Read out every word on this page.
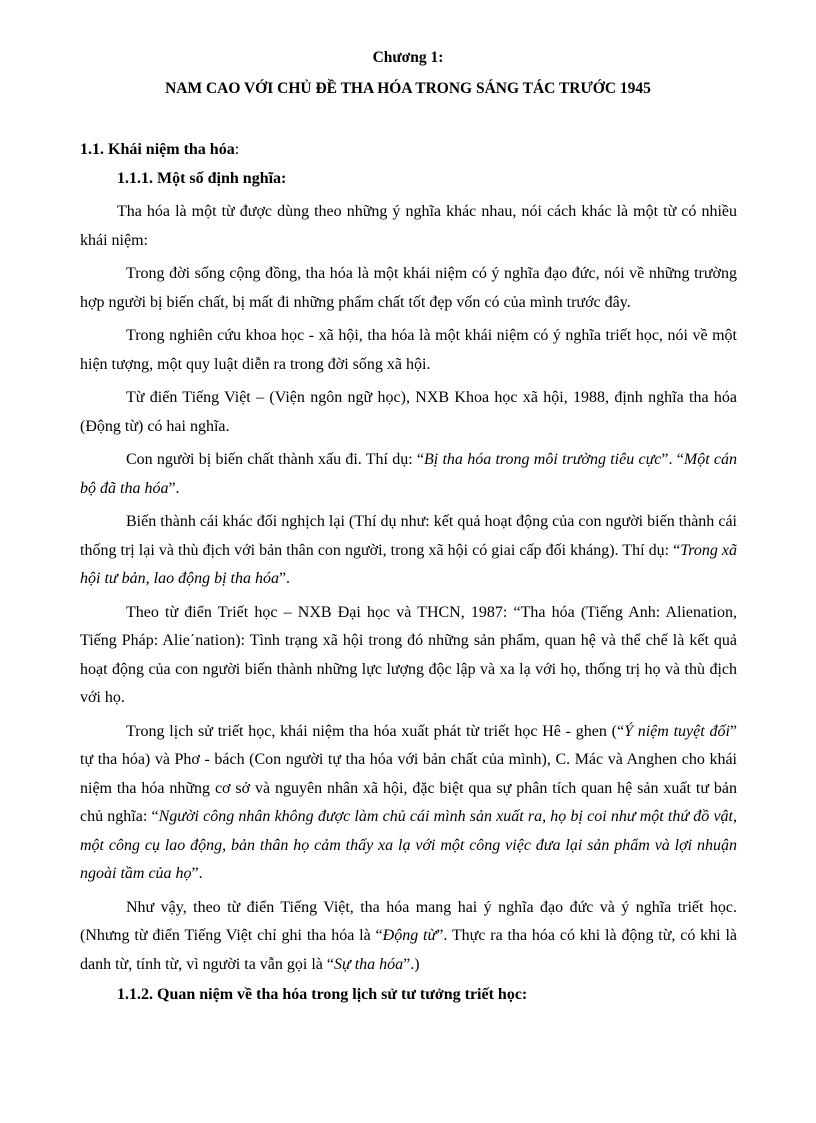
Chương 1:
NAM CAO VỚI CHỦ ĐỀ THA HÓA TRONG SÁNG TÁC TRƯỚC 1945
1.1. Khái niệm tha hóa:
1.1.1. Một số định nghĩa:

Tha hóa là một từ được dùng theo những ý nghĩa khác nhau, nói cách khác là một từ có nhiều khái niệm:

Trong đời sống cộng đồng, tha hóa là một khái niệm có ý nghĩa đạo đức, nói về những trường hợp người bị biến chất, bị mất đi những phẩm chất tốt đẹp vốn có của mình trước đây.

Trong nghiên cứu khoa học - xã hội, tha hóa là một khái niệm có ý nghĩa triết học, nói về một hiện tượng, một quy luật diễn ra trong đời sống xã hội.

Từ điển Tiếng Việt – (Viện ngôn ngữ học), NXB Khoa học xã hội, 1988, định nghĩa tha hóa (Động từ) có hai nghĩa.

Con người bị biến chất thành xấu đi. Thí dụ: “Bị tha hóa trong môi trường tiêu cực”. “Một cán bộ đã tha hóa”.

Biến thành cái khác đối nghịch lại (Thí dụ như: kết quả hoạt động của con người biến thành cái thống trị lại và thù địch với bản thân con người, trong xã hội có giai cấp đối kháng). Thí dụ: “Trong xã hội tư bản, lao động bị tha hóa”.

Theo từ điển Triết học – NXB Đại học và THCN, 1987: “Tha hóa (Tiếng Anh: Alienation, Tiếng Pháp: Alie΄nation): Tình trạng xã hội trong đó những sản phẩm, quan hệ và thể chế là kết quả hoạt động của con người biến thành những lực lượng độc lập và xa lạ với họ, thống trị họ và thù địch với họ.

Trong lịch sử triết học, khái niệm tha hóa xuất phát từ triết học Hê - ghen (“Ý niệm tuyệt đối” tự tha hóa) và Phơ - bách (Con người tự tha hóa với bản chất của mình), C. Mác và Anghen cho khái niệm tha hóa những cơ sở và nguyên nhân xã hội, đặc biệt qua sự phân tích quan hệ sản xuất tư bản chủ nghĩa: “Người công nhân không được làm chủ cái mình sản xuất ra, họ bị coi như một thứ đồ vật, một công cụ lao động, bản thân họ cảm thấy xa lạ với một công việc đưa lại sản phẩm và lợi nhuận ngoài tầm của họ”.

Như vậy, theo từ điển Tiếng Việt, tha hóa mang hai ý nghĩa đạo đức và ý nghĩa triết học. (Nhưng từ điển Tiếng Việt chỉ ghi tha hóa là “Động từ”. Thực ra tha hóa có khi là động từ, có khi là danh từ, tính từ, vì người ta vẫn gọi là “Sự tha hóa”.)

1.1.2. Quan niệm về tha hóa trong lịch sử tư tưởng triết học:
